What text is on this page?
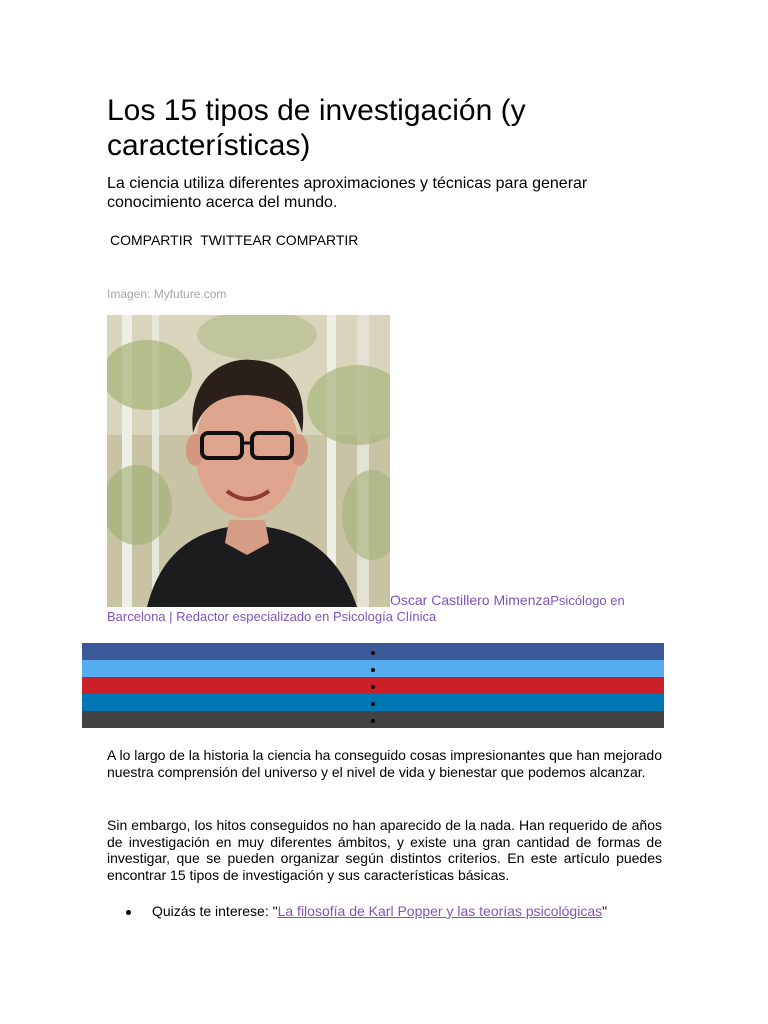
Los 15 tipos de investigación (y características)

La ciencia utiliza diferentes aproximaciones y técnicas para generar conocimiento acerca del mundo.

COMPARTIR TWITTEAR COMPARTIR
Imagen: Myfuture.com
Oscar Castillero MimenzaPsicólogo en Barcelona | Redactor especializado en Psicología Clínica

A lo largo de la historia la ciencia ha conseguido cosas impresionantes que han mejorado nuestra comprensión del universo y el nivel de vida y bienestar que podemos alcanzar.

Sin embargo, los hitos conseguidos no han aparecido de la nada. Han requerido de años de investigación en muy diferentes ámbitos, y existe una gran cantidad de formas de investigar, que se pueden organizar según distintos criterios. En este artículo puedes encontrar 15 tipos de investigación y sus características básicas.

Quizás te interese: "La filosofía de Karl Popper y las teorías psicológicas"
